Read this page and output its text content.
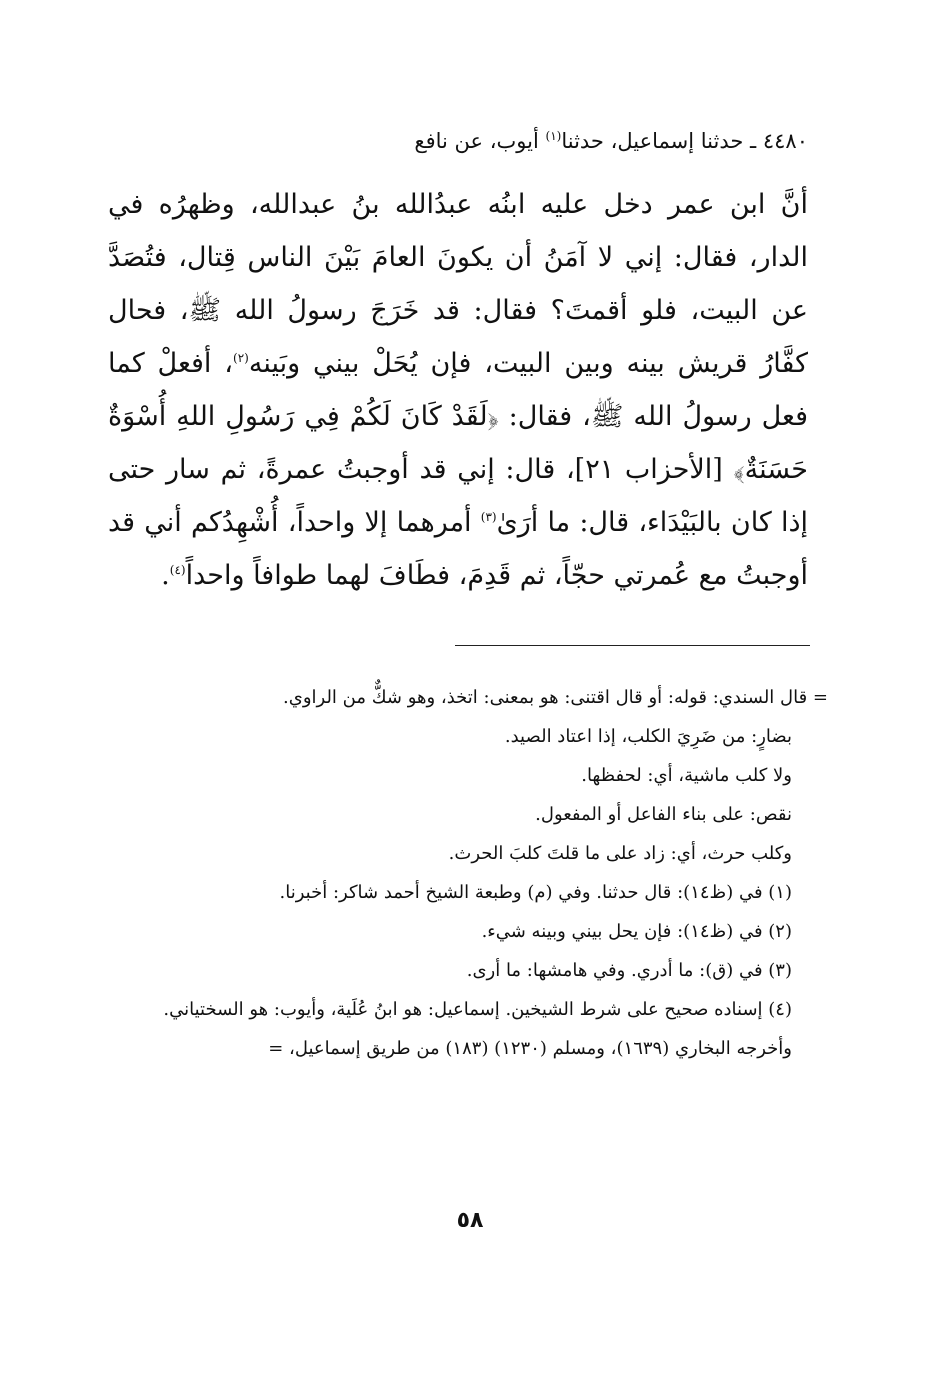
٤٤٨٠ ـ حدثنا إسماعيل، حدثنا$^{(١)}$ أيوب، عن نافع

أنَّ ابن عمر دخل عليه ابنُه عبدُالله بنُ عبدالله، وظهرُه في الدار، فقال: إني لا آمَنُ أن يكونَ العامَ بَيْنَ الناس قِتال، فتُصَدَّ عن البيت، فلو أقمتَ؟ فقال: قد خَرَجَ رسولُ الله ﷺ، فحال كفَّارُ قريش بينه وبين البيت، فإن يُحَلْ بيني وبَينه$^{(٢)}$، أفعلْ كما فعل رسولُ الله ﷺ، فقال: ﴿لَقَدْ كَانَ لَكُمْ فِي رَسُولِ اللهِ أُسْوَةٌ حَسَنَةٌ﴾ [الأحزاب ٢١]، قال: إني قد أوجبتُ عمرةً، ثم سار حتى إذا كان بالبَيْدَاء، قال: ما أرَىٰ$^{(٣)}$ أمرهما إلا واحداً، أُشْهِدُكم أني قد أوجبتُ مع عُمرتي حجّاً، ثم قَدِمَ، فطَافَ لهما طوافاً واحداً$^{(٤)}$.

= قال السندي: قوله: أو قال اقتنى: هو بمعنى: اتخذ، وهو شكٌّ من الراوي.
بضارٍ: من ضَرِيَ الكلب، إذا اعتاد الصيد.
ولا كلب ماشية، أي: لحفظها.
نقص: على بناء الفاعل أو المفعول.
وكلب حرث، أي: زاد على ما قلتَ كلبَ الحرث.
(١) في (ظ١٤): قال حدثنا. وفي (م) وطبعة الشيخ أحمد شاكر: أخبرنا.
(٢) في (ظ١٤): فإن يحل بيني وبينه شيء.
(٣) في (ق): ما أدري. وفي هامشها: ما أرى.
(٤) إسناده صحيح على شرط الشيخين. إسماعيل: هو ابنُ عُلَية، وأيوب: هو السختياني.
وأخرجه البخاري (١٦٣٩)، ومسلم (١٢٣٠) (١٨٣) من طريق إسماعيل، =
٥٨
